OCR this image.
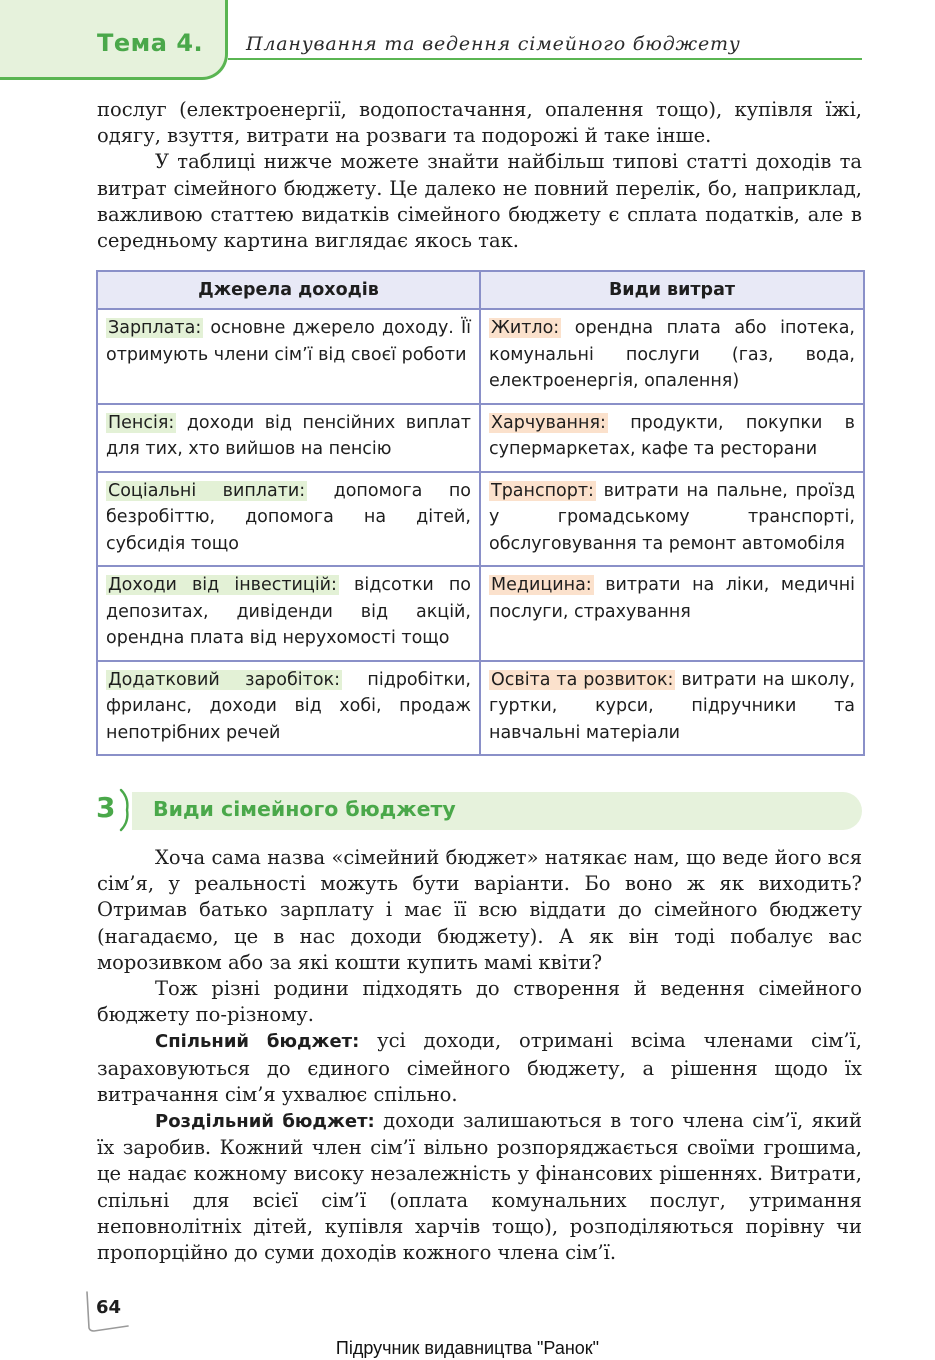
Тема 4. Планування та ведення сімейного бюджету

послуг (електроенергії, водопостачання, опалення тощо), купівля їжі, одягу, взуття, витрати на розваги та подорожі й таке інше.

У таблиці нижче можете знайти найбільш типові статті доходів та витрат сімейного бюджету. Це далеко не повний перелік, бо, наприклад, важливою статтею видатків сімейного бюджету є сплата податків, але в середньому картина виглядає якось так.

Джерела доходів	Види витрат
Зарплата: основне джерело доходу. Її отримують члени сім’ї від своєї роботи	Житло: орендна плата або іпотека, комунальні послуги (газ, вода, електроенергія, опалення)
Пенсія: доходи від пенсійних виплат для тих, хто вийшов на пенсію	Харчування: продукти, покупки в супермаркетах, кафе та ресторани
Соціальні виплати: допомога по безробіттю, допомога на дітей, субсидія тощо	Транспорт: витрати на пальне, проїзд у громадському транспорті, обслуговування та ремонт автомобіля
Доходи від інвестицій: відсотки по депозитах, дивіденди від акцій, орендна плата від нерухомості тощо	Медицина: витрати на ліки, медичні послуги, страхування
Додатковий заробіток: підробітки, фриланс, доходи від хобі, продаж непотрібних речей	Освіта та розвиток: витрати на школу, гуртки, курси, підручники та навчальні матеріали
3 Види сімейного бюджету

Хоча сама назва «сімейний бюджет» натякає нам, що веде його вся сім’я, у реальності можуть бути варіанти. Бо воно ж як виходить? Отримав батько зарплату і має її всю віддати до сімейного бюджету (нагадаємо, це в нас доходи бюджету). А як він тоді побалує вас морозивком або за які кошти купить мамі квіти?

Тож різні родини підходять до створення й ведення сімейного бюджету по-різному.

Спільний бюджет: усі доходи, отримані всіма членами сім’ї, зараховуються до єдиного сімейного бюджету, а рішення щодо їх витрачання сім’я ухвалює спільно.

Роздільний бюджет: доходи залишаються в того члена сім’ї, який їх заробив. Кожний член сім’ї вільно розпоряджається своїми грошима, це надає кожному високу незалежність у фінансових рішеннях. Витрати, спільні для всієї сім’ї (оплата комунальних послуг, утримання неповнолітніх дітей, купівля харчів тощо), розподіляються порівну чи пропорційно до суми доходів кожного члена сім’ї.

64
Підручник видавництва "Ранок"
